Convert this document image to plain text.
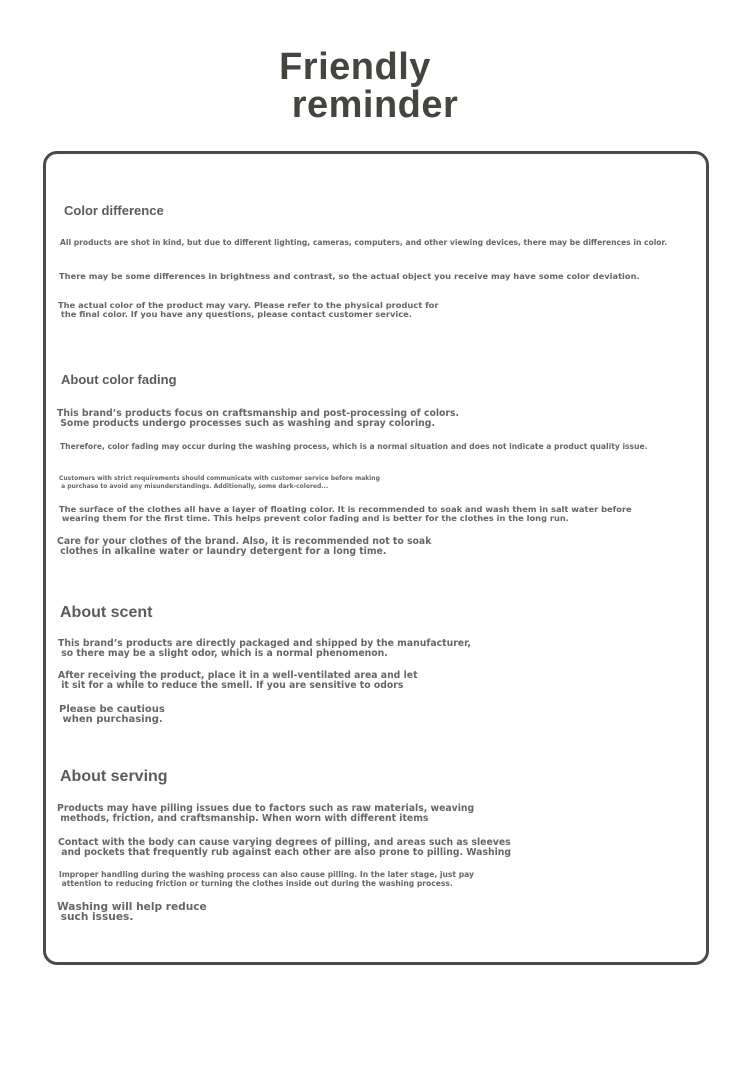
Friendly
reminder
Color difference
All products are shot in kind, but due to different lighting, cameras, computers, and other viewing devices, there may be differences in color.
There may be some differences in brightness and contrast, so the actual object you receive may have some color deviation.
The actual color of the product may vary. Please refer to the physical product for
the final color. If you have any questions, please contact customer service.
About color fading
This brand’s products focus on craftsmanship and post-processing of colors.
Some products undergo processes such as washing and spray coloring.
Therefore, color fading may occur during the washing process, which is a normal situation and does not indicate a product quality issue.
Customers with strict requirements should communicate with customer service before making
a purchase to avoid any misunderstandings. Additionally, some dark-colored...
The surface of the clothes all have a layer of floating color. It is recommended to soak and wash them in salt water before
wearing them for the first time. This helps prevent color fading and is better for the clothes in the long run.
Care for your clothes of the brand. Also, it is recommended not to soak
clothes in alkaline water or laundry detergent for a long time.
About scent
This brand’s products are directly packaged and shipped by the manufacturer,
so there may be a slight odor, which is a normal phenomenon.
After receiving the product, place it in a well-ventilated area and let
it sit for a while to reduce the smell. If you are sensitive to odors
Please be cautious
when purchasing.
About serving
Products may have pilling issues due to factors such as raw materials, weaving
methods, friction, and craftsmanship. When worn with different items
Contact with the body can cause varying degrees of pilling, and areas such as sleeves
and pockets that frequently rub against each other are also prone to pilling. Washing
Improper handling during the washing process can also cause pilling. In the later stage, just pay
attention to reducing friction or turning the clothes inside out during the washing process.
Washing will help reduce
such issues.
